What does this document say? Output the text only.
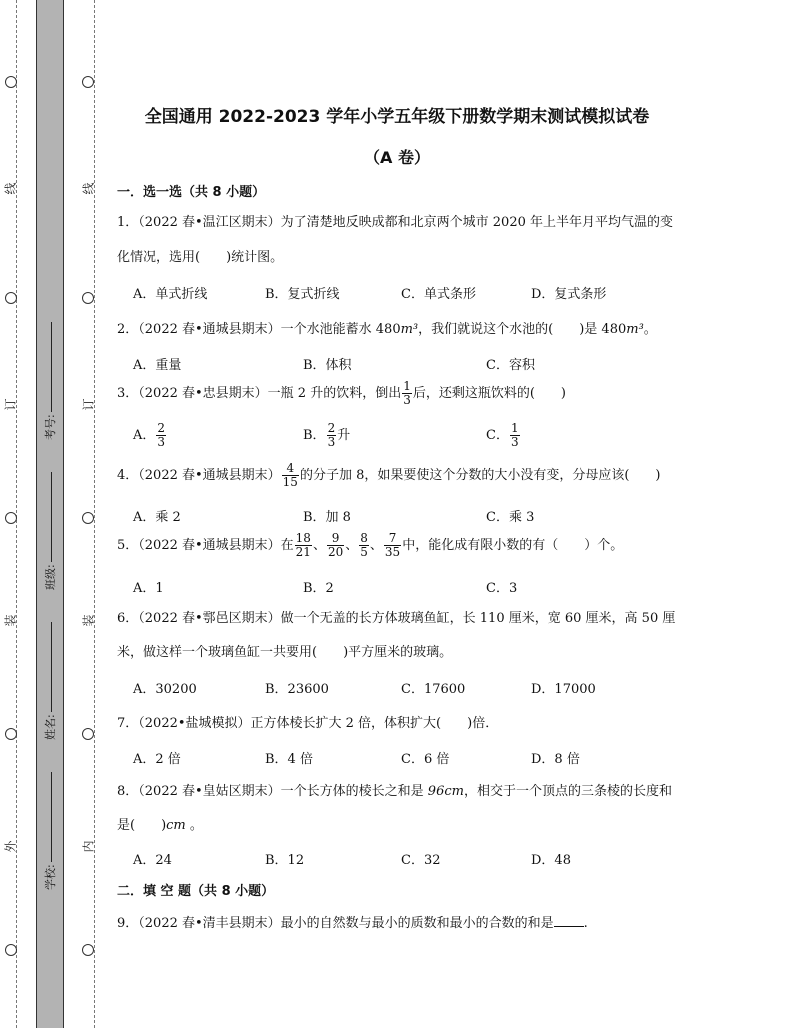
线
订
装
外
线
订
装
内
考号:
班级:
姓名:
学校:
全国通用 2022-2023 学年小学五年级下册数学期末测试模拟试卷
（A 卷）
一．选一选（共 8 小题）
1．（2022 春•温江区期末）为了清楚地反映成都和北京两个城市 2020 年上半年月平均气温的变
化情况，选用(　　)统计图。
A．单式折线	B．复式折线	C．单式条形	D．复式条形
2．（2022 春•通城县期末）一个水池能蓄水 480m³，我们就说这个水池的(　　)是 480m³。
A．重量	B．体积	C．容积
3．（2022 春•忠县期末）一瓶 2 升的饮料，倒出 $\frac{1}{3}$ 后，还剩这瓶饮料的(　　)
A． $\frac{2}{3}$	B． $\frac{2}{3}$ 升	C． $\frac{1}{3}$
4．（2022 春•通城县期末） $\frac{4}{15}$ 的分子加 8，如果要使这个分数的大小没有变，分母应该(　　)
A．乘 2	B．加 8	C．乘 3
5．（2022 春•通城县期末）在 $\frac{18}{21}$ 、 $\frac{9}{20}$ 、 $\frac{8}{5}$ 、 $\frac{7}{35}$ 中，能化成有限小数的有（　　）个。
A．1	B．2	C．3
6．（2022 春•鄠邑区期末）做一个无盖的长方体玻璃鱼缸，长 110 厘米，宽 60 厘米，高 50 厘
米，做这样一个玻璃鱼缸一共要用(　　)平方厘米的玻璃。
A．30200	B．23600	C．17600	D．17000
7．（2022•盐城模拟）正方体棱长扩大 2 倍，体积扩大(　　)倍．
A．2 倍	B．4 倍	C．6 倍	D．8 倍
8．（2022 春•皇姑区期末）一个长方体的棱长之和是 96cm，相交于一个顶点的三条棱的长度和
是(　　)cm 。
A．24	B．12	C．32	D．48
二．填 空 题（共 8 小题）
9．（2022 春•清丰县期末）最小的自然数与最小的质数和最小的合数的和是 .
